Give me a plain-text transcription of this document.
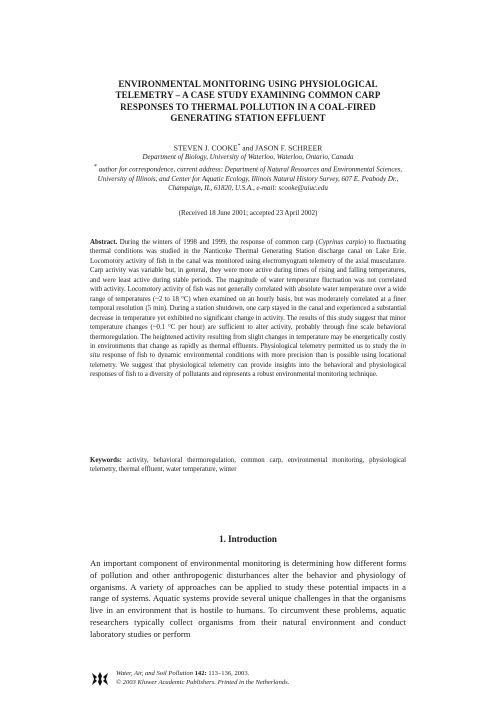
ENVIRONMENTAL MONITORING USING PHYSIOLOGICAL TELEMETRY – A CASE STUDY EXAMINING COMMON CARP RESPONSES TO THERMAL POLLUTION IN A COAL-FIRED GENERATING STATION EFFLUENT
STEVEN J. COOKE* and JASON F. SCHREER
Department of Biology, University of Waterloo, Waterloo, Ontario, Canada
* author for correspondence, current address: Department of Natural Resources and Environmental Sciences, University of Illinois, and Center for Aquatic Ecology, Illinois Natural History Survey, 607 E. Peabody Dr., Champaign, IL, 61820, U.S.A., e-mail: scooke@uiuc.edu
(Received 18 June 2001; accepted 23 April 2002)
Abstract. During the winters of 1998 and 1999, the response of common carp (Cyprinus carpio) to fluctuating thermal conditions was studied in the Nanticoke Thermal Generating Station discharge canal on Lake Erie. Locomotory activity of fish in the canal was monitored using electromyogram telemetry of the axial musculature. Carp activity was variable but, in general, they were more active during times of rising and falling temperatures, and were least active during stable periods. The magnitude of water temperature fluctuation was not correlated with activity. Locomotory activity of fish was not generally correlated with absolute water temperature over a wide range of temperatures (~2 to 18 °C) when examined on an hourly basis, but was moderately correlated at a finer temporal resolution (5 min). During a station shutdown, one carp stayed in the canal and experienced a substantial decrease in temperature yet exhibited no significant change in activity. The results of this study suggest that minor temperature changes (~0.1 °C per hour) are sufficient to alter activity, probably through fine scale behavioral thermoregulation. The heightened activity resulting from slight changes in temperature may be energetically costly in environments that change as rapidly as thermal effluents. Physiological telemetry permitted us to study the in situ response of fish to dynamic environmental conditions with more precision than is possible using locational telemetry. We suggest that physiological telemetry can provide insights into the behavioral and physiological responses of fish to a diversity of pollutants and represents a robust environmental monitoring technique.
Keywords: activity, behavioral thermoregulation, common carp, environmental monitoring, physiological telemetry, thermal effluent, water temperature, winter
1. Introduction
An important component of environmental monitoring is determining how different forms of pollution and other anthropogenic disturbances alter the behavior and physiology of organisms. A variety of approaches can be applied to study these potential impacts in a range of systems. Aquatic systems provide several unique challenges in that the organisms live in an environment that is hostile to humans. To circumvent these problems, aquatic researchers typically collect organisms from their natural environment and conduct laboratory studies or perform
Water, Air, and Soil Pollution 142: 113–136, 2003.
© 2003 Kluwer Academic Publishers. Printed in the Netherlands.
